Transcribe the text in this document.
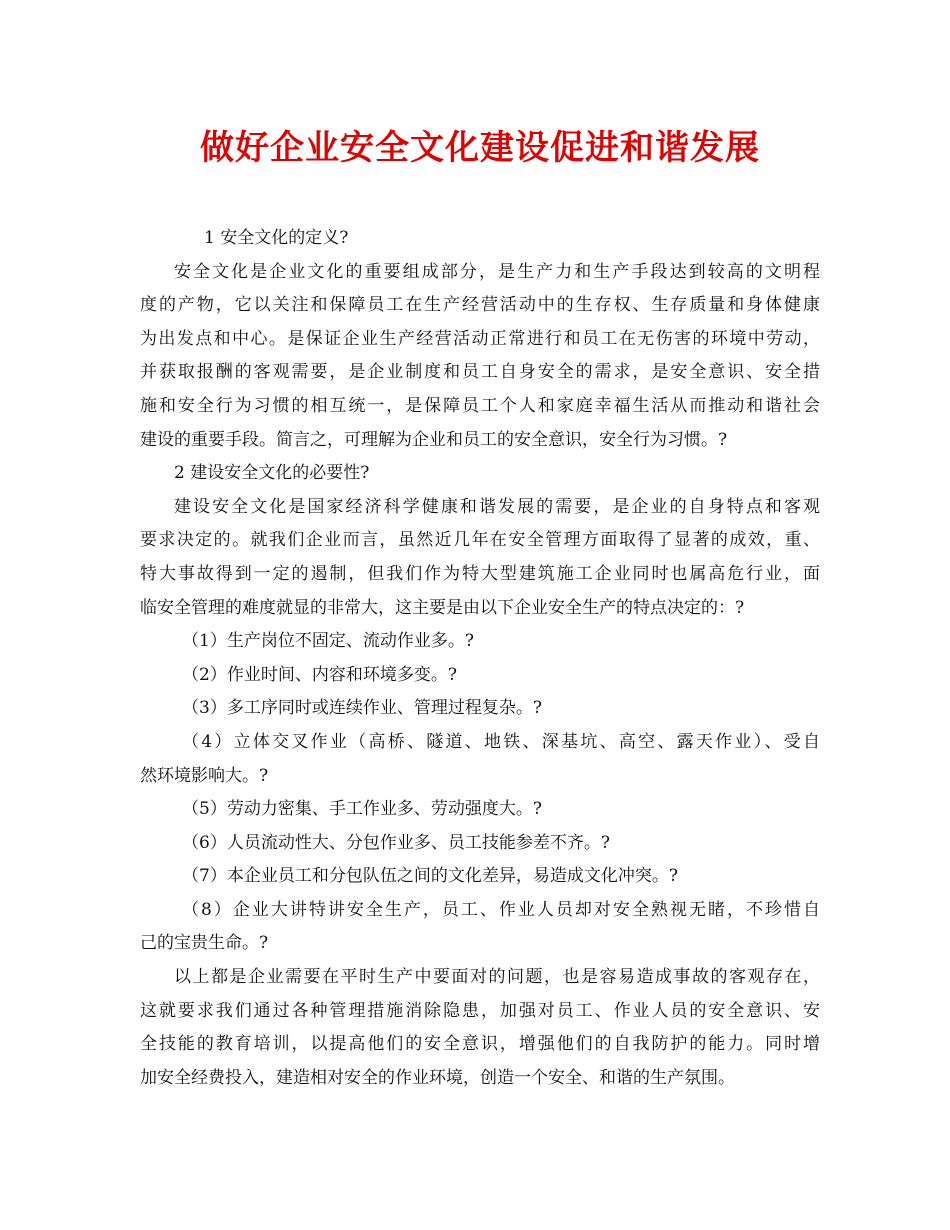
做好企业安全文化建设促进和谐发展
1 安全文化的定义?
安全文化是企业文化的重要组成部分，是生产力和生产手段达到较高的文明程
度的产物，它以关注和保障员工在生产经营活动中的生存权、生存质量和身体健康
为出发点和中心。是保证企业生产经营活动正常进行和员工在无伤害的环境中劳动，
并获取报酬的客观需要，是企业制度和员工自身安全的需求，是安全意识、安全措
施和安全行为习惯的相互统一，是保障员工个人和家庭幸福生活从而推动和谐社会
建设的重要手段。简言之，可理解为企业和员工的安全意识，安全行为习惯。?
2 建设安全文化的必要性?
建设安全文化是国家经济科学健康和谐发展的需要，是企业的自身特点和客观
要求决定的。就我们企业而言，虽然近几年在安全管理方面取得了显著的成效，重、
特大事故得到一定的遏制，但我们作为特大型建筑施工企业同时也属高危行业，面
临安全管理的难度就显的非常大，这主要是由以下企业安全生产的特点决定的：?
（1）生产岗位不固定、流动作业多。?
（2）作业时间、内容和环境多变。?
（3）多工序同时或连续作业、管理过程复杂。?
（4）立体交叉作业（高桥、隧道、地铁、深基坑、高空、露天作业）、受自
然环境影响大。?
（5）劳动力密集、手工作业多、劳动强度大。?
（6）人员流动性大、分包作业多、员工技能参差不齐。?
（7）本企业员工和分包队伍之间的文化差异，易造成文化冲突。?
（8）企业大讲特讲安全生产，员工、作业人员却对安全熟视无睹，不珍惜自
己的宝贵生命。?
以上都是企业需要在平时生产中要面对的问题，也是容易造成事故的客观存在，
这就要求我们通过各种管理措施消除隐患，加强对员工、作业人员的安全意识、安
全技能的教育培训，以提高他们的安全意识，增强他们的自我防护的能力。同时增
加安全经费投入，建造相对安全的作业环境，创造一个安全、和谐的生产氛围。
